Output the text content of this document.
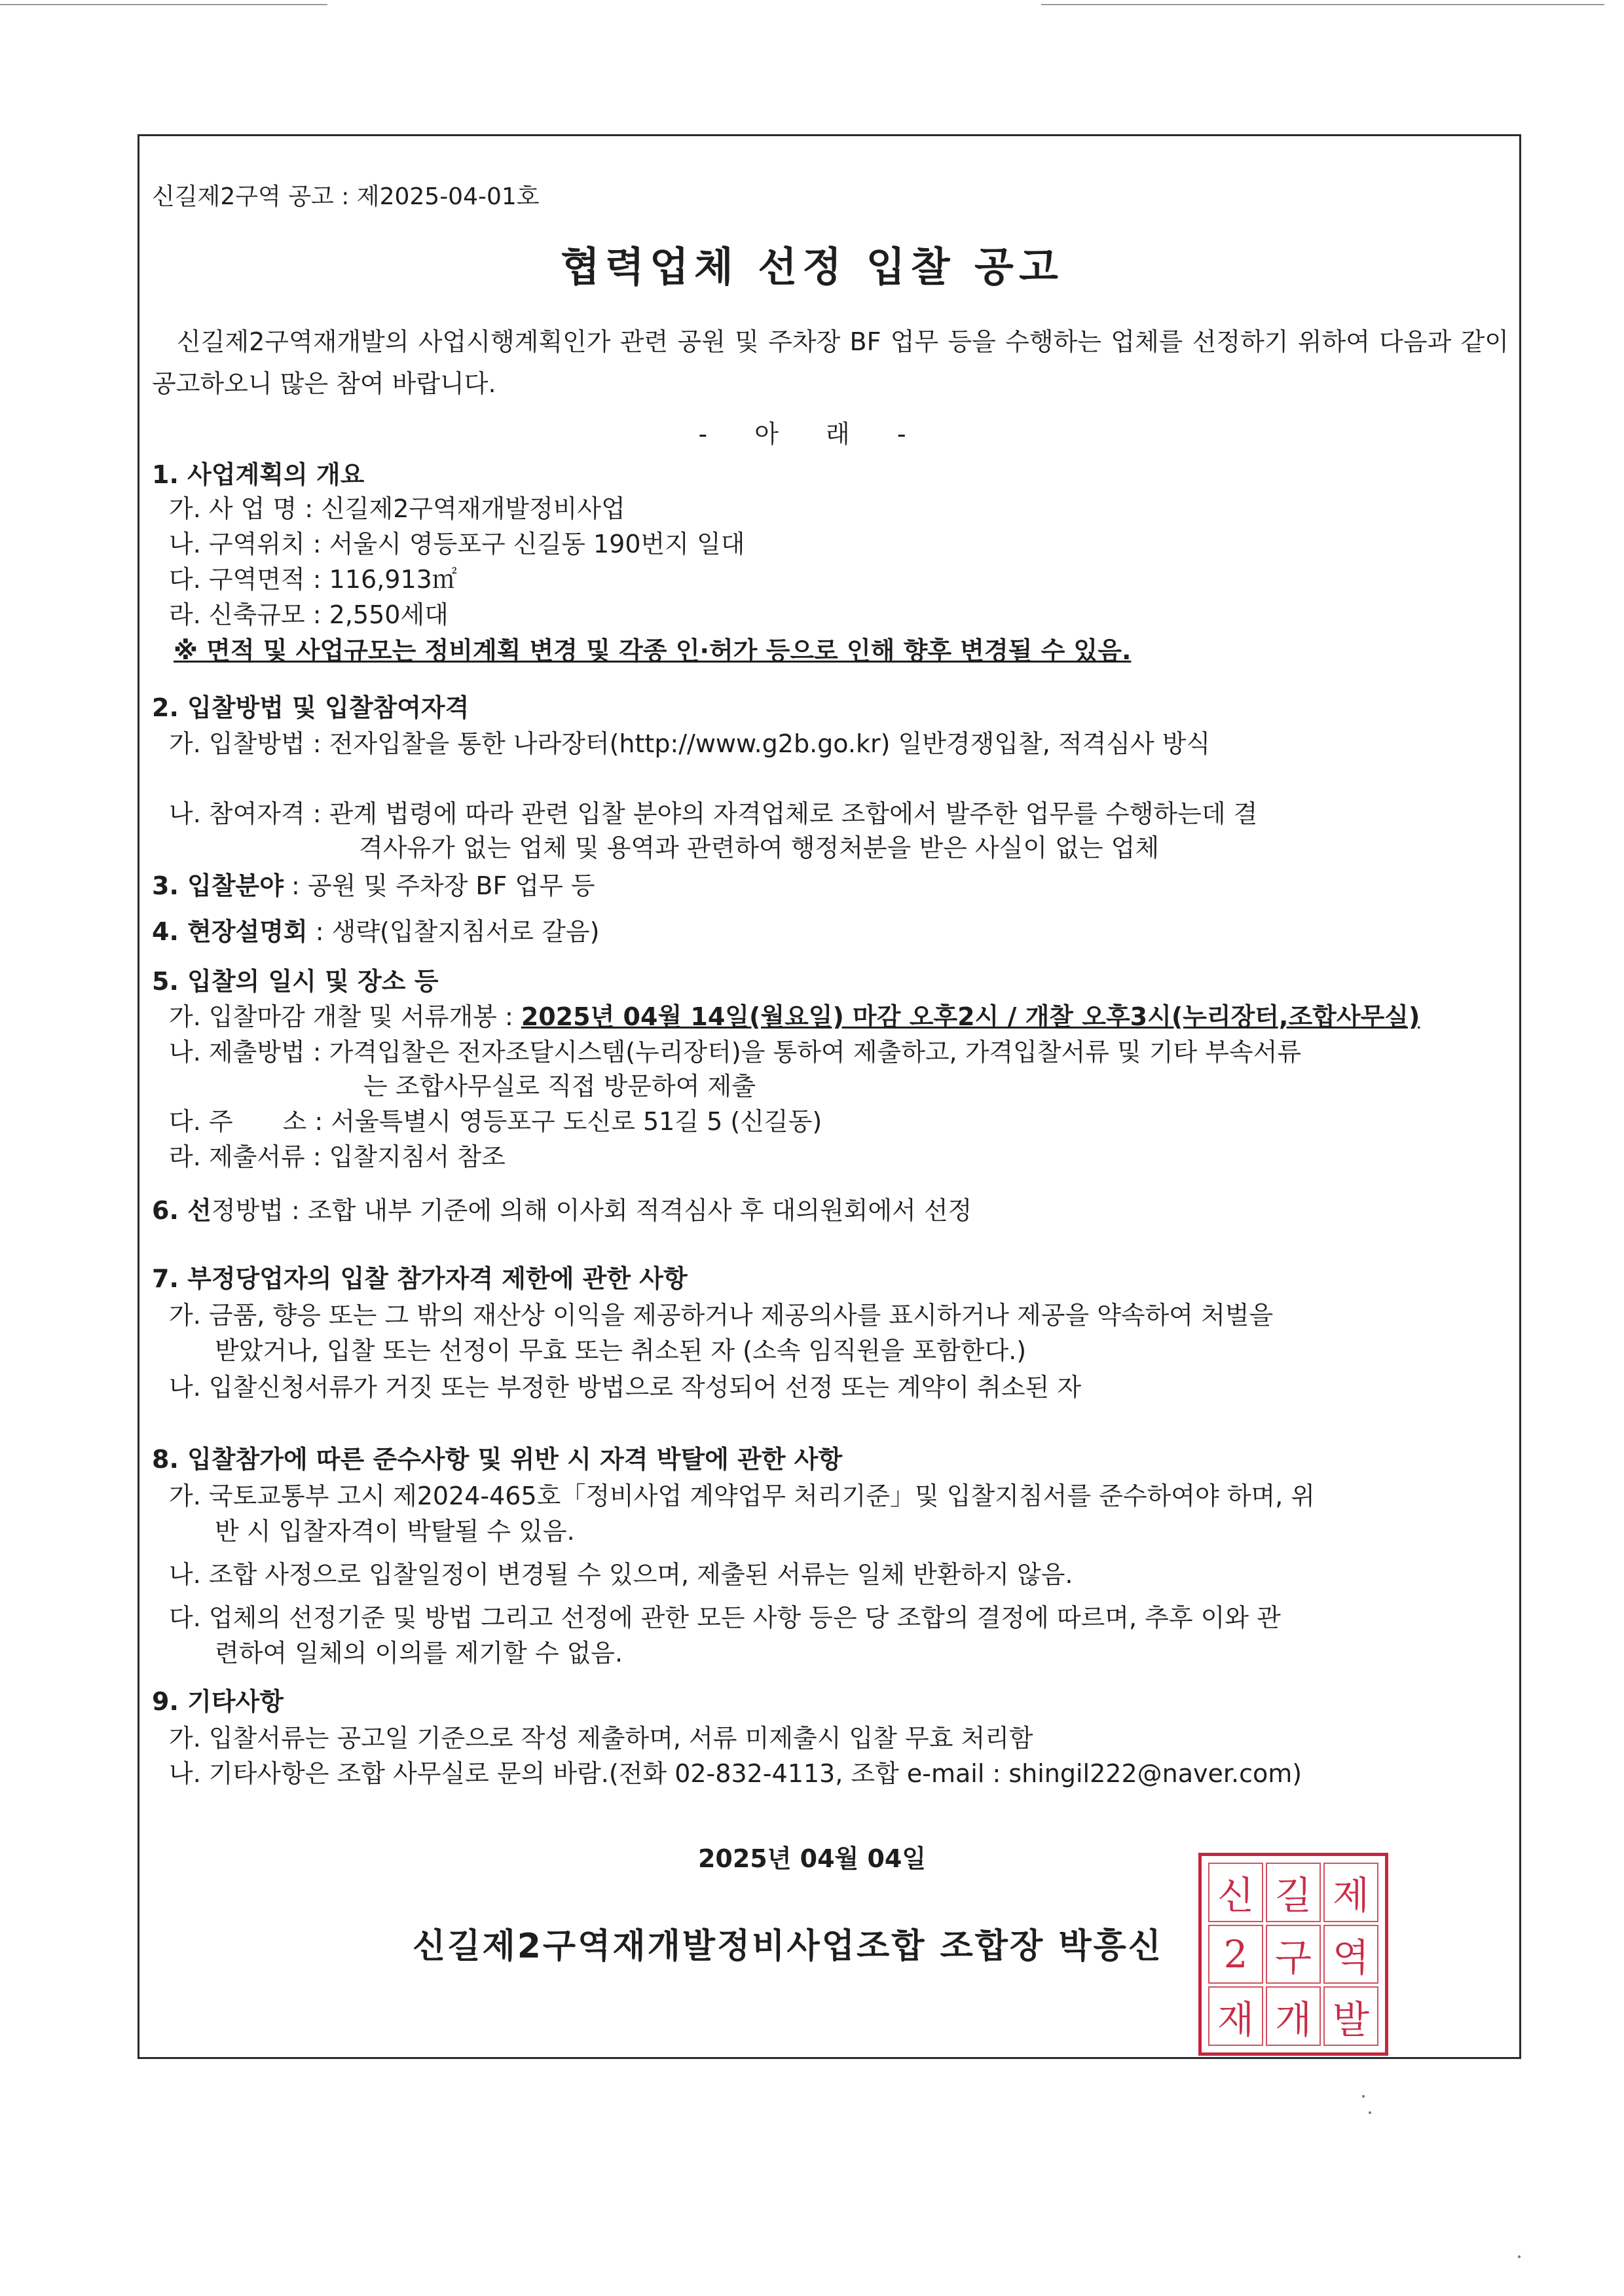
신길제2구역 공고 : 제2025-04-01호
협력업체 선정 입찰 공고
신길제2구역재개발의 사업시행계획인가 관련 공원 및 주차장 BF 업무 등을 수행하는 업체를 선정하기 위하여 다음과 같이 공고하오니 많은 참여 바랍니다.
- 아 래 -
1. 사업계획의 개요
가. 사 업 명 : 신길제2구역재개발정비사업
나. 구역위치 : 서울시 영등포구 신길동 190번지 일대
다. 구역면적 : 116,913㎡
라. 신축규모 : 2,550세대
※ 면적 및 사업규모는 정비계획 변경 및 각종 인·허가 등으로 인해 향후 변경될 수 있음.
2. 입찰방법 및 입찰참여자격
가. 입찰방법 : 전자입찰을 통한 나라장터(http://www.g2b.go.kr) 일반경쟁입찰, 적격심사 방식
나. 참여자격 : 관계 법령에 따라 관련 입찰 분야의 자격업체로 조합에서 발주한 업무를 수행하는데 결
격사유가 없는 업체 및 용역과 관련하여 행정처분을 받은 사실이 없는 업체
3. 입찰분야 : 공원 및 주차장 BF 업무 등
4. 현장설명회 : 생략(입찰지침서로 갈음)
5. 입찰의 일시 및 장소 등
가. 입찰마감 개찰 및 서류개봉 : 2025년 04월 14일(월요일) 마감 오후2시 / 개찰 오후3시(누리장터,조합사무실)
나. 제출방법 : 가격입찰은 전자조달시스템(누리장터)을 통하여 제출하고, 가격입찰서류 및 기타 부속서류
는 조합사무실로 직접 방문하여 제출
다. 주　　소 : 서울특별시 영등포구 도신로 51길 5 (신길동)
라. 제출서류 : 입찰지침서 참조
6. 선정방법 : 조합 내부 기준에 의해 이사회 적격심사 후 대의원회에서 선정
7. 부정당업자의 입찰 참가자격 제한에 관한 사항
가. 금품, 향응 또는 그 밖의 재산상 이익을 제공하거나 제공의사를 표시하거나 제공을 약속하여 처벌을
받았거나, 입찰 또는 선정이 무효 또는 취소된 자 (소속 임직원을 포함한다.)
나. 입찰신청서류가 거짓 또는 부정한 방법으로 작성되어 선정 또는 계약이 취소된 자
8. 입찰참가에 따른 준수사항 및 위반 시 자격 박탈에 관한 사항
가. 국토교통부 고시 제2024-465호「정비사업 계약업무 처리기준」및 입찰지침서를 준수하여야 하며, 위
반 시 입찰자격이 박탈될 수 있음.
나. 조합 사정으로 입찰일정이 변경될 수 있으며, 제출된 서류는 일체 반환하지 않음.
다. 업체의 선정기준 및 방법 그리고 선정에 관한 모든 사항 등은 당 조합의 결정에 따르며, 추후 이와 관
련하여 일체의 이의를 제기할 수 없음.
9. 기타사항
가. 입찰서류는 공고일 기준으로 작성 제출하며, 서류 미제출시 입찰 무효 처리함
나. 기타사항은 조합 사무실로 문의 바람.(전화 02-832-4113, 조합 e-mail : shingil222@naver.com)
2025년 04월 04일
신길제2구역재개발정비사업조합 조합장 박흥신
신 길 제
2 구 역
재 개 발
